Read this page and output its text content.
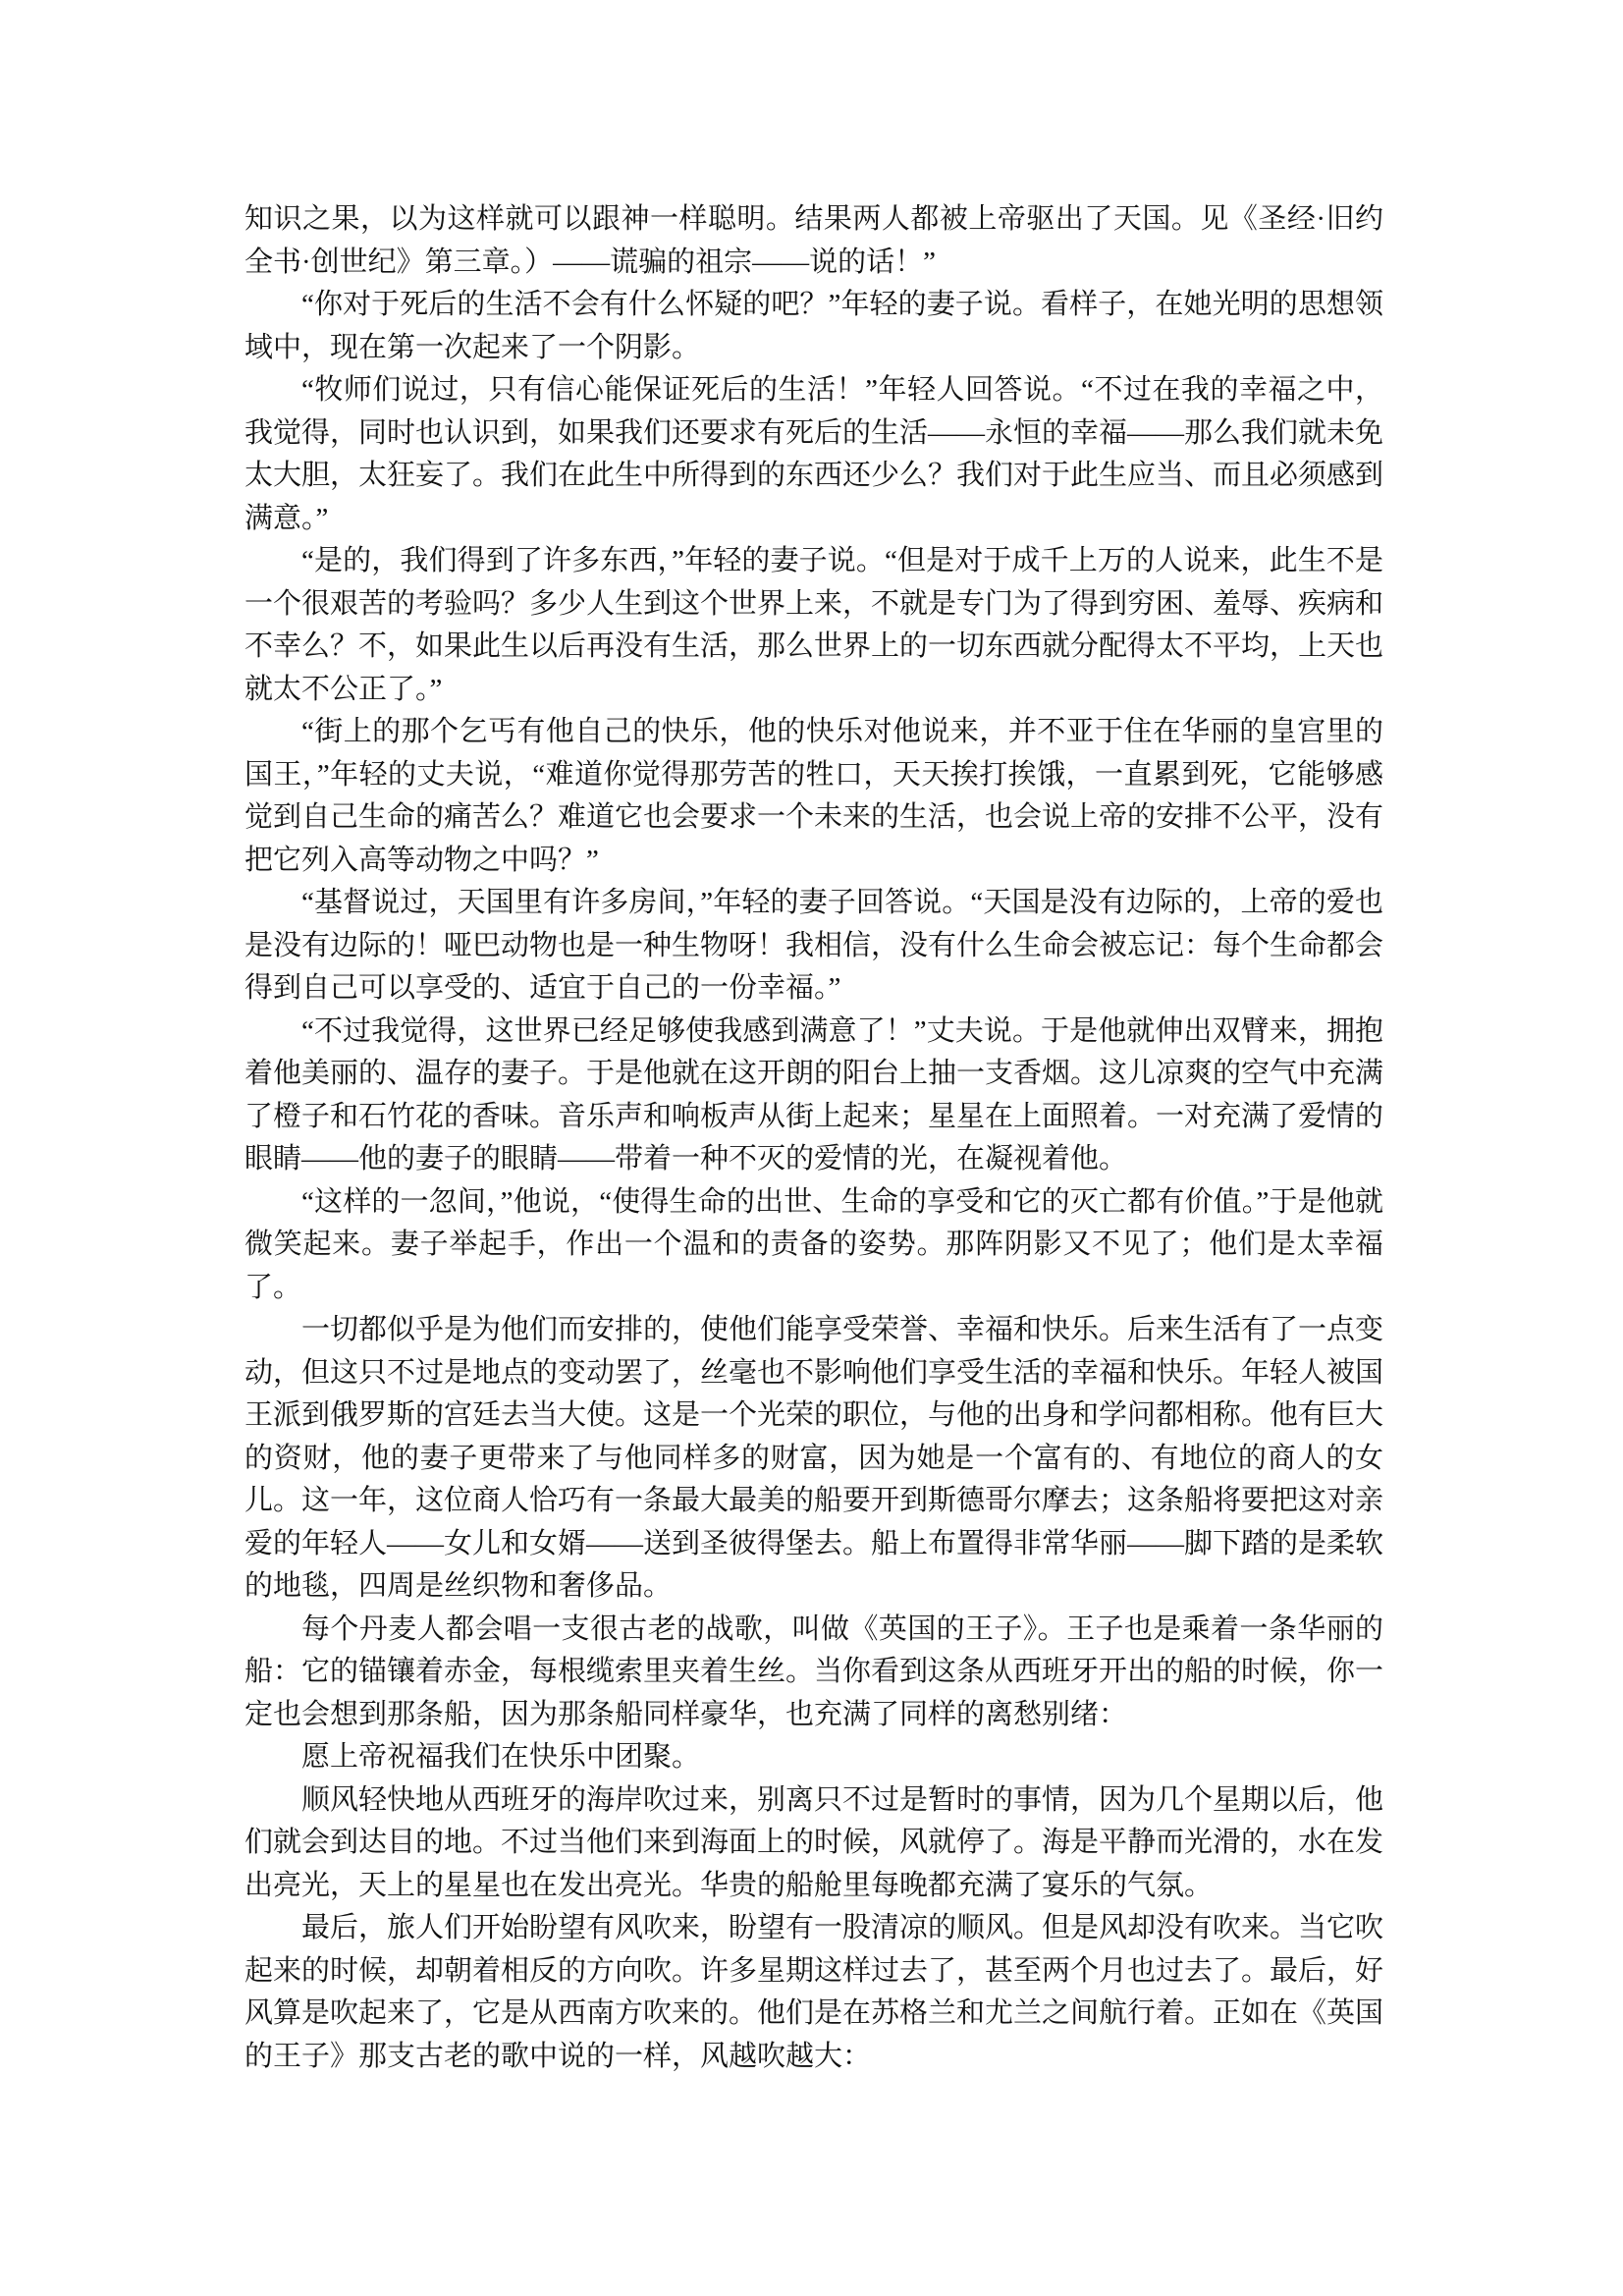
知识之果，以为这样就可以跟神一样聪明。结果两人都被上帝驱出了天国。见《圣经·旧约全书·创世纪》第三章。）——谎骗的祖宗——说的话！”

“你对于死后的生活不会有什么怀疑的吧？”年轻的妻子说。看样子，在她光明的思想领域中，现在第一次起来了一个阴影。

“牧师们说过，只有信心能保证死后的生活！”年轻人回答说。“不过在我的幸福之中，我觉得，同时也认识到，如果我们还要求有死后的生活——永恒的幸福——那么我们就未免太大胆，太狂妄了。我们在此生中所得到的东西还少么？我们对于此生应当、而且必须感到满意。”

“是的，我们得到了许多东西，”年轻的妻子说。“但是对于成千上万的人说来，此生不是一个很艰苦的考验吗？多少人生到这个世界上来，不就是专门为了得到穷困、羞辱、疾病和不幸么？不，如果此生以后再没有生活，那么世界上的一切东西就分配得太不平均，上天也就太不公正了。”

“街上的那个乞丐有他自己的快乐，他的快乐对他说来，并不亚于住在华丽的皇宫里的国王，”年轻的丈夫说，“难道你觉得那劳苦的牲口，天天挨打挨饿，一直累到死，它能够感觉到自己生命的痛苦么？难道它也会要求一个未来的生活，也会说上帝的安排不公平，没有把它列入高等动物之中吗？”

“基督说过，天国里有许多房间，”年轻的妻子回答说。“天国是没有边际的，上帝的爱也是没有边际的！哑巴动物也是一种生物呀！我相信，没有什么生命会被忘记：每个生命都会得到自己可以享受的、适宜于自己的一份幸福。”

“不过我觉得，这世界已经足够使我感到满意了！”丈夫说。于是他就伸出双臂来，拥抱着他美丽的、温存的妻子。于是他就在这开朗的阳台上抽一支香烟。这儿凉爽的空气中充满了橙子和石竹花的香味。音乐声和响板声从街上起来；星星在上面照着。一对充满了爱情的眼睛——他的妻子的眼睛——带着一种不灭的爱情的光，在凝视着他。

“这样的一忽间，”他说，“使得生命的出世、生命的享受和它的灭亡都有价值。”于是他就微笑起来。妻子举起手，作出一个温和的责备的姿势。那阵阴影又不见了；他们是太幸福了。

一切都似乎是为他们而安排的，使他们能享受荣誉、幸福和快乐。后来生活有了一点变动，但这只不过是地点的变动罢了，丝毫也不影响他们享受生活的幸福和快乐。年轻人被国王派到俄罗斯的宫廷去当大使。这是一个光荣的职位，与他的出身和学问都相称。他有巨大的资财，他的妻子更带来了与他同样多的财富，因为她是一个富有的、有地位的商人的女儿。这一年，这位商人恰巧有一条最大最美的船要开到斯德哥尔摩去；这条船将要把这对亲爱的年轻人——女儿和女婿——送到圣彼得堡去。船上布置得非常华丽——脚下踏的是柔软的地毯，四周是丝织物和奢侈品。

每个丹麦人都会唱一支很古老的战歌，叫做《英国的王子》。王子也是乘着一条华丽的船：它的锚镶着赤金，每根缆索里夹着生丝。当你看到这条从西班牙开出的船的时候，你一定也会想到那条船，因为那条船同样豪华，也充满了同样的离愁别绪：

愿上帝祝福我们在快乐中团聚。

顺风轻快地从西班牙的海岸吹过来，别离只不过是暂时的事情，因为几个星期以后，他们就会到达目的地。不过当他们来到海面上的时候，风就停了。海是平静而光滑的，水在发出亮光，天上的星星也在发出亮光。华贵的船舱里每晚都充满了宴乐的气氛。

最后，旅人们开始盼望有风吹来，盼望有一股清凉的顺风。但是风却没有吹来。当它吹起来的时候，却朝着相反的方向吹。许多星期这样过去了，甚至两个月也过去了。最后，好风算是吹起来了，它是从西南方吹来的。他们是在苏格兰和尤兰之间航行着。正如在《英国的王子》那支古老的歌中说的一样，风越吹越大：
